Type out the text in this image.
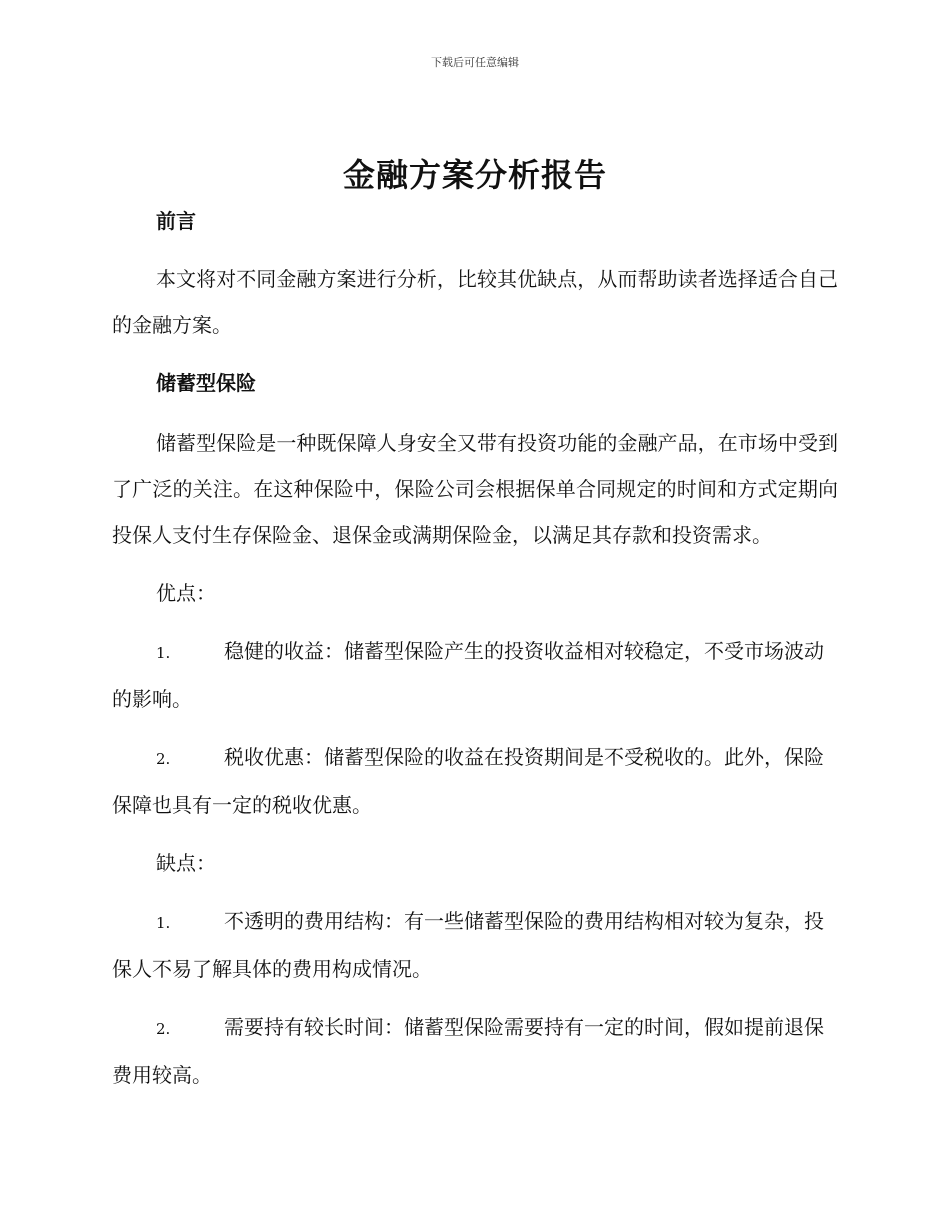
下载后可任意编辑
金融方案分析报告

前言

本文将对不同金融方案进行分析，比较其优缺点，从而帮助读者选择适合自己的金融方案。

储蓄型保险

储蓄型保险是一种既保障人身安全又带有投资功能的金融产品，在市场中受到了广泛的关注。在这种保险中，保险公司会根据保单合同规定的时间和方式定期向投保人支付生存保险金、退保金或满期保险金，以满足其存款和投资需求。

优点：

1.	稳健的收益：储蓄型保险产生的投资收益相对较稳定，不受市场波动的影响。

2.	税收优惠：储蓄型保险的收益在投资期间是不受税收的。此外，保险保障也具有一定的税收优惠。

缺点：

1.	不透明的费用结构：有一些储蓄型保险的费用结构相对较为复杂，投保人不易了解具体的费用构成情况。

2.	需要持有较长时间：储蓄型保险需要持有一定的时间，假如提前退保费用较高。
